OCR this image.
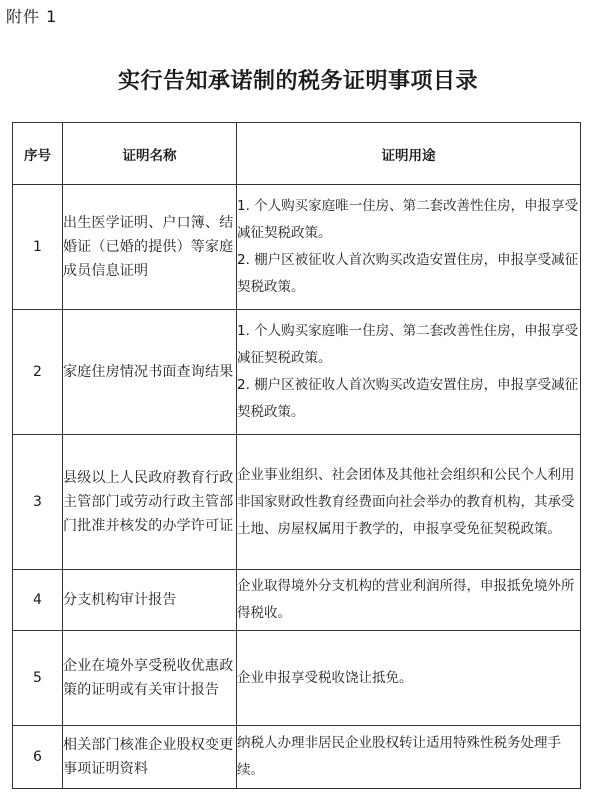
附件 1
实行告知承诺制的税务证明事项目录
序号	证明名称	证明用途
1	出生医学证明、户口簿、结婚证（已婚的提供）等家庭成员信息证明	1. 个人购买家庭唯一住房、第二套改善性住房，申报享受减征契税政策。
2. 棚户区被征收人首次购买改造安置住房，申报享受减征契税政策。

2	家庭住房情况书面查询结果	1. 个人购买家庭唯一住房、第二套改善性住房，申报享受减征契税政策。
2. 棚户区被征收人首次购买改造安置住房，申报享受减征契税政策。

3	县级以上人民政府教育行政主管部门或劳动行政主管部门批准并核发的办学许可证	企业事业组织、社会团体及其他社会组织和公民个人利用非国家财政性教育经费面向社会举办的教育机构，其承受土地、房屋权属用于教学的，申报享受免征契税政策。

4	分支机构审计报告	企业取得境外分支机构的营业利润所得，申报抵免境外所得税收。

5	企业在境外享受税收优惠政策的证明或有关审计报告	企业申报享受税收饶让抵免。

6	相关部门核准企业股权变更事项证明资料	纳税人办理非居民企业股权转让适用特殊性税务处理手续。
